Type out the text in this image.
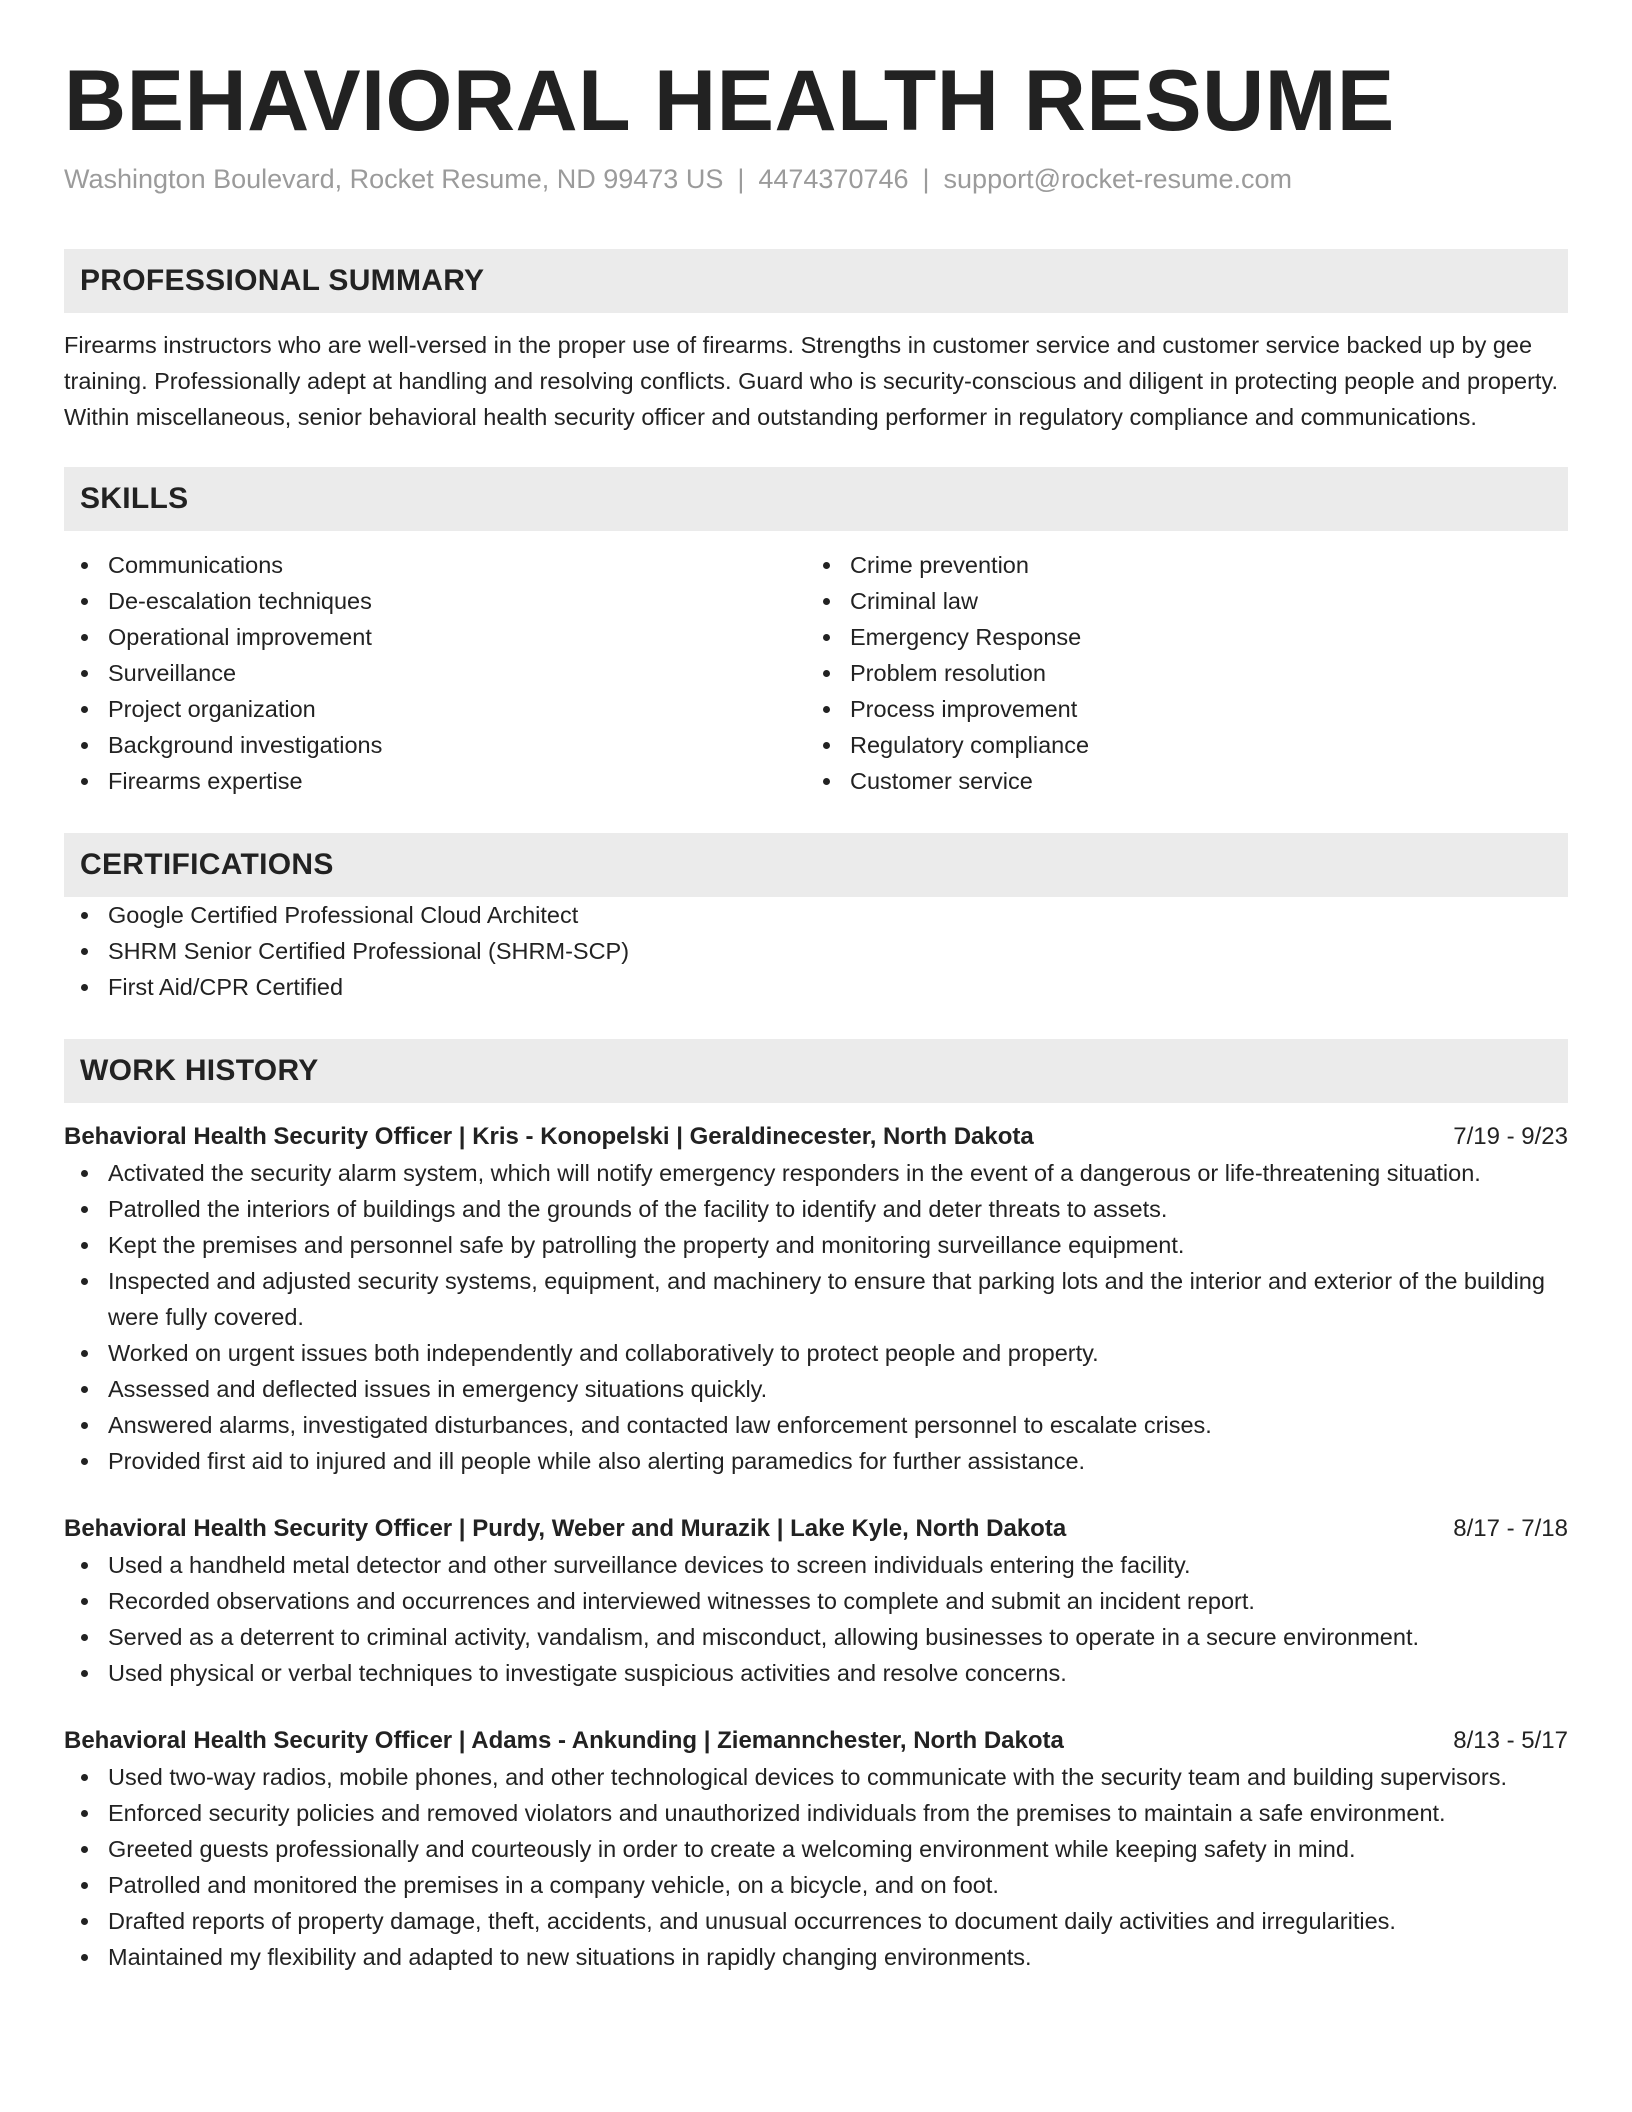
BEHAVIORAL HEALTH RESUME
Washington Boulevard, Rocket Resume, ND 99473 US | 4474370746 | support@rocket-resume.com
PROFESSIONAL SUMMARY
Firearms instructors who are well-versed in the proper use of firearms. Strengths in customer service and customer service backed up by gee training. Professionally adept at handling and resolving conflicts. Guard who is security-conscious and diligent in protecting people and property. Within miscellaneous, senior behavioral health security officer and outstanding performer in regulatory compliance and communications.
SKILLS
Communications
De-escalation techniques
Operational improvement
Surveillance
Project organization
Background investigations
Firearms expertise
Crime prevention
Criminal law
Emergency Response
Problem resolution
Process improvement
Regulatory compliance
Customer service
CERTIFICATIONS
Google Certified Professional Cloud Architect
SHRM Senior Certified Professional (SHRM-SCP)
First Aid/CPR Certified
WORK HISTORY
Behavioral Health Security Officer | Kris - Konopelski | Geraldinecester, North Dakota	7/19 - 9/23
Activated the security alarm system, which will notify emergency responders in the event of a dangerous or life-threatening situation.
Patrolled the interiors of buildings and the grounds of the facility to identify and deter threats to assets.
Kept the premises and personnel safe by patrolling the property and monitoring surveillance equipment.
Inspected and adjusted security systems, equipment, and machinery to ensure that parking lots and the interior and exterior of the building were fully covered.
Worked on urgent issues both independently and collaboratively to protect people and property.
Assessed and deflected issues in emergency situations quickly.
Answered alarms, investigated disturbances, and contacted law enforcement personnel to escalate crises.
Provided first aid to injured and ill people while also alerting paramedics for further assistance.
Behavioral Health Security Officer | Purdy, Weber and Murazik | Lake Kyle, North Dakota	8/17 - 7/18
Used a handheld metal detector and other surveillance devices to screen individuals entering the facility.
Recorded observations and occurrences and interviewed witnesses to complete and submit an incident report.
Served as a deterrent to criminal activity, vandalism, and misconduct, allowing businesses to operate in a secure environment.
Used physical or verbal techniques to investigate suspicious activities and resolve concerns.
Behavioral Health Security Officer | Adams - Ankunding | Ziemannchester, North Dakota	8/13 - 5/17
Used two-way radios, mobile phones, and other technological devices to communicate with the security team and building supervisors.
Enforced security policies and removed violators and unauthorized individuals from the premises to maintain a safe environment.
Greeted guests professionally and courteously in order to create a welcoming environment while keeping safety in mind.
Patrolled and monitored the premises in a company vehicle, on a bicycle, and on foot.
Drafted reports of property damage, theft, accidents, and unusual occurrences to document daily activities and irregularities.
Maintained my flexibility and adapted to new situations in rapidly changing environments.
